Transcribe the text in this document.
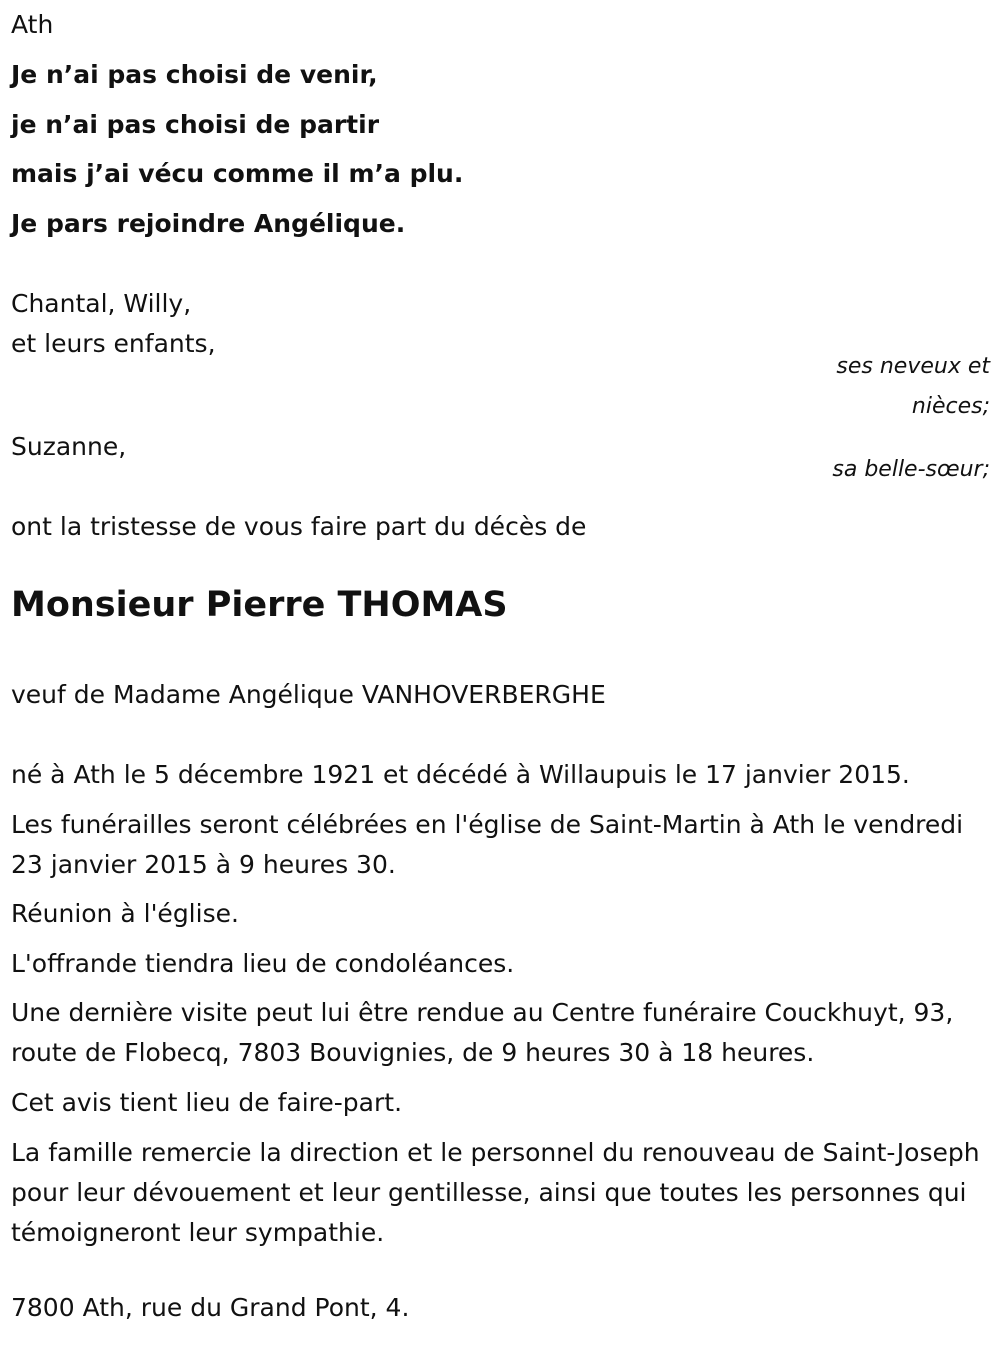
Ath
Je n’ai pas choisi de venir,
je n’ai pas choisi de partir
mais j’ai vécu comme il m’a plu.
Je pars rejoindre Angélique.
Chantal, Willy,
et leurs enfants,
ses neveux et
nièces;
Suzanne,
sa belle-sœur;
ont la tristesse de vous faire part du décès de
Monsieur Pierre THOMAS
veuf de Madame Angélique VANHOVERBERGHE
né à Ath le 5 décembre 1921 et décédé à Willaupuis le 17 janvier 2015.
Les funérailles seront célébrées en l'église de Saint-Martin à Ath le vendredi 23 janvier 2015 à 9 heures 30.
Réunion à l'église.
L'offrande tiendra lieu de condoléances.
Une dernière visite peut lui être rendue au Centre funéraire Couckhuyt, 93, route de Flobecq, 7803 Bouvignies, de 9 heures 30 à 18 heures.
Cet avis tient lieu de faire-part.
La famille remercie la direction et le personnel du renouveau de Saint-Joseph pour leur dévouement et leur gentillesse, ainsi que toutes les personnes qui témoigneront leur sympathie.
7800 Ath, rue du Grand Pont, 4.
